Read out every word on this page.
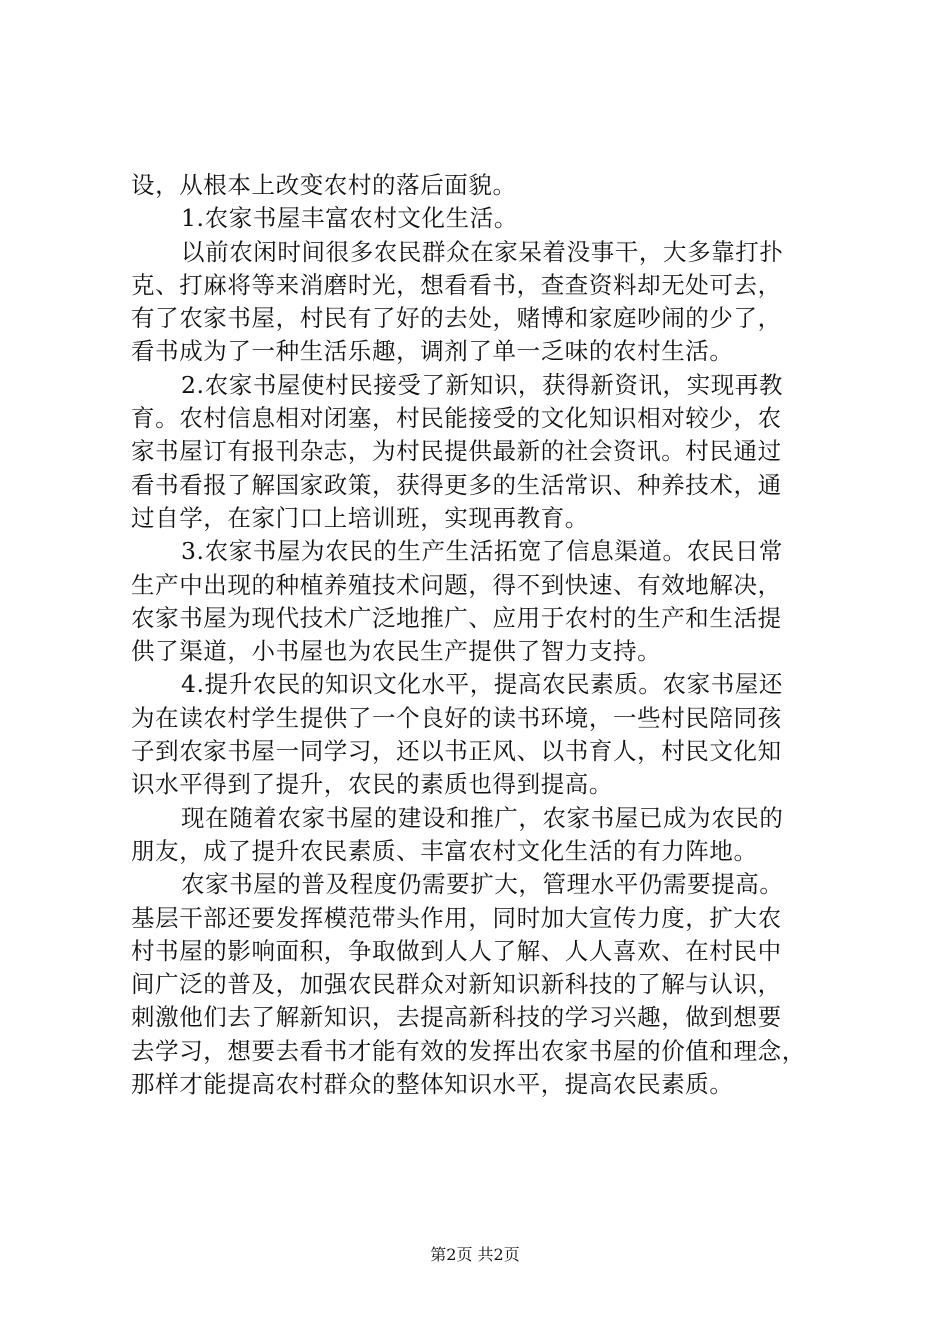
设，从根本上改变农村的落后面貌。
1.农家书屋丰富农村文化生活。
以前农闲时间很多农民群众在家呆着没事干，大多靠打扑
克、打麻将等来消磨时光，想看看书，查查资料却无处可去，
有了农家书屋，村民有了好的去处，赌博和家庭吵闹的少了，
看书成为了一种生活乐趣，调剂了单一乏味的农村生活。
2.农家书屋使村民接受了新知识，获得新资讯，实现再教
育。农村信息相对闭塞，村民能接受的文化知识相对较少，农
家书屋订有报刊杂志，为村民提供最新的社会资讯。村民通过
看书看报了解国家政策，获得更多的生活常识、种养技术，通
过自学，在家门口上培训班，实现再教育。
3.农家书屋为农民的生产生活拓宽了信息渠道。农民日常
生产中出现的种植养殖技术问题，得不到快速、有效地解决，
农家书屋为现代技术广泛地推广、应用于农村的生产和生活提
供了渠道，小书屋也为农民生产提供了智力支持。
4.提升农民的知识文化水平，提高农民素质。农家书屋还
为在读农村学生提供了一个良好的读书环境，一些村民陪同孩
子到农家书屋一同学习，还以书正风、以书育人，村民文化知
识水平得到了提升，农民的素质也得到提高。
现在随着农家书屋的建设和推广，农家书屋已成为农民的
朋友，成了提升农民素质、丰富农村文化生活的有力阵地。
农家书屋的普及程度仍需要扩大，管理水平仍需要提高。
基层干部还要发挥模范带头作用，同时加大宣传力度，扩大农
村书屋的影响面积，争取做到人人了解、人人喜欢、在村民中
间广泛的普及，加强农民群众对新知识新科技的了解与认识，
刺激他们去了解新知识，去提高新科技的学习兴趣，做到想要
去学习，想要去看书才能有效的发挥出农家书屋的价值和理念，
那样才能提高农村群众的整体知识水平，提高农民素质。
第2页 共2页
